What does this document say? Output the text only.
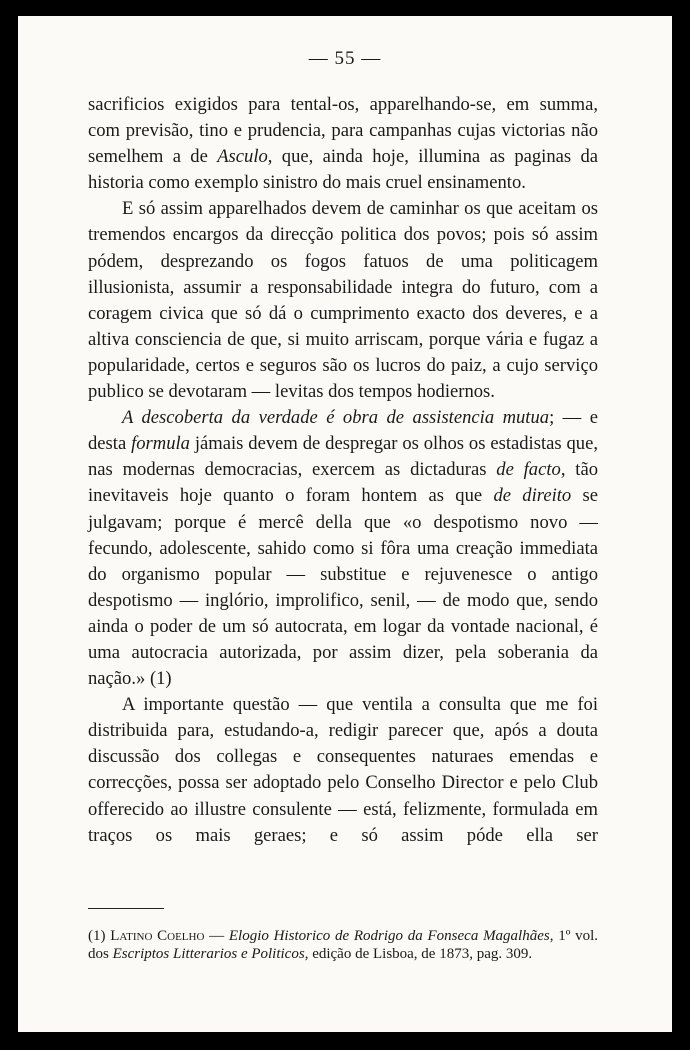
— 55 —

sacrificios exigidos para tental-os, apparelhando-se, em summa, com previsão, tino e prudencia, para campanhas cujas victorias não semelhem a de Asculo, que, ainda hoje, illumina as paginas da historia como exemplo sinistro do mais cruel ensinamento.

E só assim apparelhados devem de caminhar os que aceitam os tremendos encargos da direcção politica dos povos; pois só assim pódem, desprezando os fogos fatuos de uma politicagem illusionista, assumir a responsabilidade integra do futuro, com a coragem civica que só dá o cumprimento exacto dos deveres, e a altiva consciencia de que, si muito arriscam, porque vária e fugaz a popularidade, certos e seguros são os lucros do paiz, a cujo serviço publico se devotaram — levitas dos tempos hodiernos.

A descoberta da verdade é obra de assistencia mutua; — e desta formula jámais devem de despregar os olhos os estadistas que, nas modernas democracias, exercem as dictaduras de facto, tão inevitaveis hoje quanto o foram hontem as que de direito se julgavam; porque é mercê della que «o despotismo novo — fecundo, adolescente, sahido como si fôra uma creação immediata do organismo popular — substitue e rejuvenesce o antigo despotismo — inglório, improlifico, senil, — de modo que, sendo ainda o poder de um só autocrata, em logar da vontade nacional, é uma autocracia autorizada, por assim dizer, pela soberania da nação.» (1)

A importante questão — que ventila a consulta que me foi distribuida para, estudando-a, redigir parecer que, após a douta discussão dos collegas e consequentes naturaes emendas e correcções, possa ser adoptado pelo Conselho Director e pelo Club offerecido ao illustre consulente — está, felizmente, formulada em traços os mais geraes; e só assim póde ella ser

(1) Latino Coelho — Elogio Historico de Rodrigo da Fonseca Magalhães, 1º vol. dos Escriptos Litterarios e Politicos, edição de Lisboa, de 1873, pag. 309.
